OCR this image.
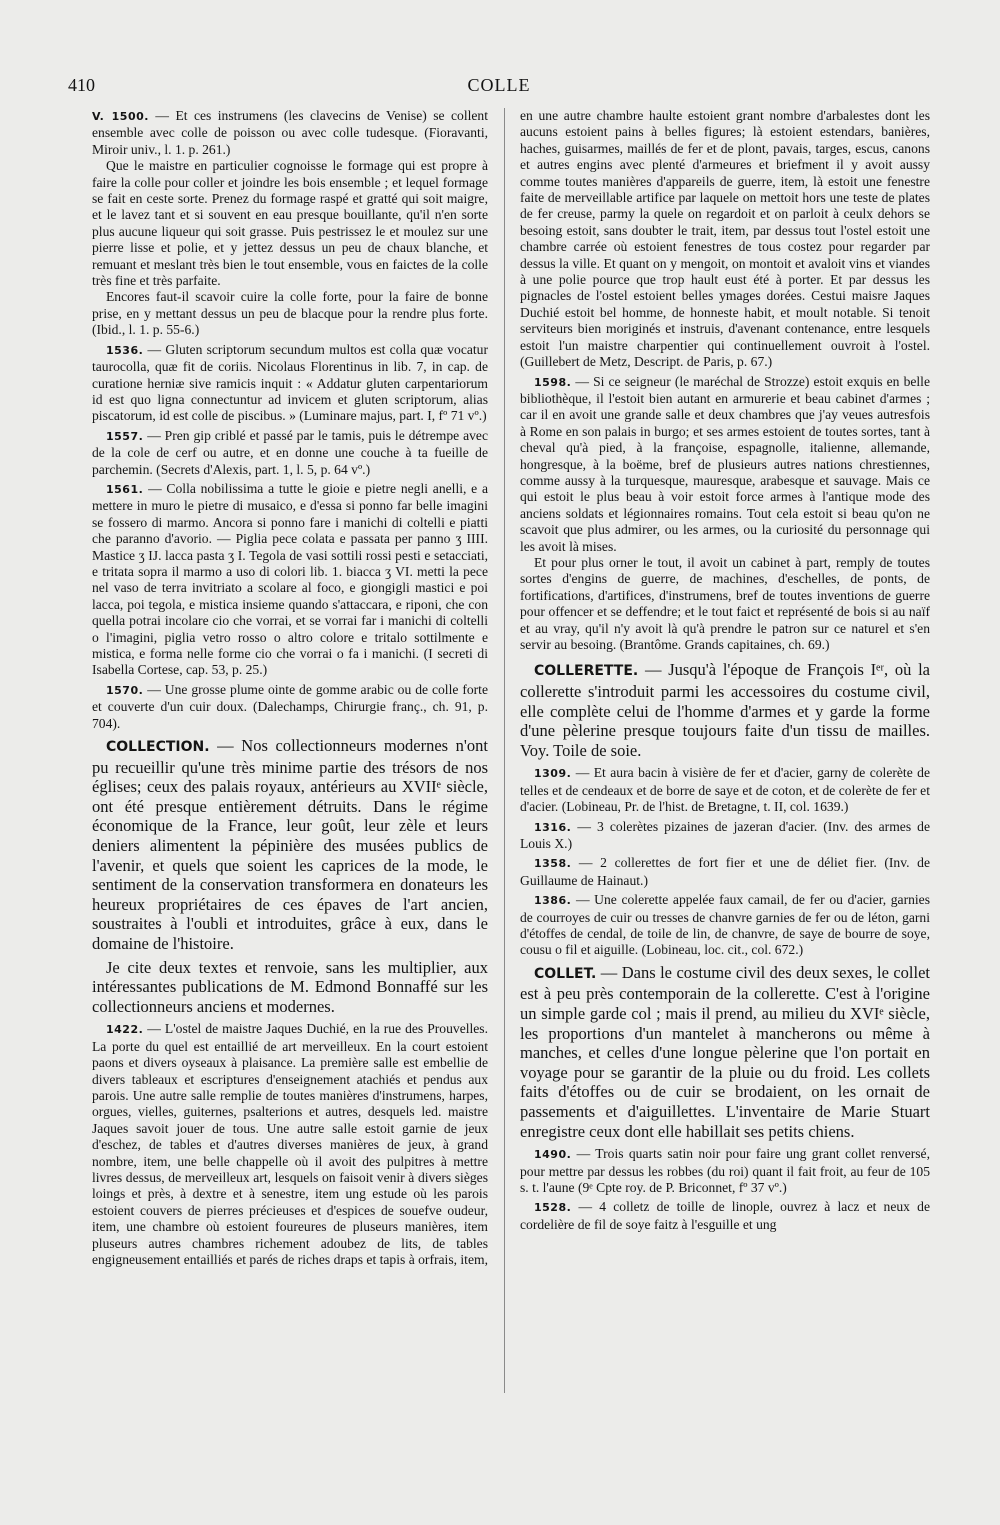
410	COLLE

V. 1500. — Et ces instrumens (les clavecins de Venise) se collent ensemble avec colle de poisson ou avec colle tudesque. (Fioravanti, Miroir univ., l. 1. p. 261.)

Que le maistre en particulier cognoisse le formage qui est propre à faire la colle pour coller et joindre les bois ensemble ; et lequel formage se fait en ceste sorte. Prenez du formage raspé et gratté qui soit maigre, et le lavez tant et si souvent en eau presque bouillante, qu'il n'en sorte plus aucune liqueur qui soit grasse. Puis pestrissez le et moulez sur une pierre lisse et polie, et y jettez dessus un peu de chaux blanche, et remuant et meslant très bien le tout ensemble, vous en faictes de la colle très fine et très parfaite.

Encores faut-il scavoir cuire la colle forte, pour la faire de bonne prise, en y mettant dessus un peu de blacque pour la rendre plus forte. (Ibid., l. 1. p. 55-6.)

1536. — Gluten scriptorum secundum multos est colla quæ vocatur taurocolla, quæ fit de coriis. Nicolaus Florentinus in lib. 7, in cap. de curatione herniæ sive ramicis inquit : « Addatur gluten carpentariorum id est quo ligna connectuntur ad invicem et gluten scriptorum, alias piscatorum, id est colle de piscibus. » (Luminare majus, part. I, fº 71 vº.)

1557. — Pren gip criblé et passé par le tamis, puis le détrempe avec de la cole de cerf ou autre, et en donne une couche à ta fueille de parchemin. (Secrets d'Alexis, part. 1, l. 5, p. 64 vº.)

1561. — Colla nobilissima a tutte le gioie e pietre negli anelli, e a mettere in muro le pietre di musaico, e d'essa si ponno far belle imagini se fossero di marmo. Ancora si ponno fare i manichi di coltelli e piatti che paranno d'avorio. — Piglia pece colata e passata per panno ʒ IIII. Mastice ʒ IJ. lacca pasta ʒ I. Tegola de vasi sottili rossi pesti e setacciati, e tritata sopra il marmo a uso di colori lib. 1. biacca ʒ VI. metti la pece nel vaso de terra invitriato a scolare al foco, e giongigli mastici e poi lacca, poi tegola, e mistica insieme quando s'attaccara, e riponi, che con quella potrai incolare cio che vorrai, et se vorrai far i manichi di coltelli o l'imagini, piglia vetro rosso o altro colore e tritalo sottilmente e mistica, e forma nelle forme cio che vorrai o fa i manichi. (I secreti di Isabella Cortese, cap. 53, p. 25.)

1570. — Une grosse plume ointe de gomme arabic ou de colle forte et couverte d'un cuir doux. (Dalechamps, Chirurgie franç., ch. 91, p. 704).

COLLECTION. — Nos collectionneurs modernes n'ont pu recueillir qu'une très minime partie des trésors de nos églises; ceux des palais royaux, antérieurs au XVIIᵉ siècle, ont été presque entièrement détruits. Dans le régime économique de la France, leur goût, leur zèle et leurs deniers alimentent la pépinière des musées publics de l'avenir, et quels que soient les caprices de la mode, le sentiment de la conservation transformera en donateurs les heureux propriétaires de ces épaves de l'art ancien, soustraites à l'oubli et introduites, grâce à eux, dans le domaine de l'histoire.

Je cite deux textes et renvoie, sans les multiplier, aux intéressantes publications de M. Edmond Bonnaffé sur les collectionneurs anciens et modernes.

1422. — L'ostel de maistre Jaques Duchié, en la rue des Prouvelles. La porte du quel est entaillié de art merveilleux. En la court estoient paons et divers oyseaux à plaisance. La première salle est embellie de divers tableaux et escriptures d'enseignement atachiés et pendus aux parois. Une autre salle remplie de toutes manières d'instrumens, harpes, orgues, vielles, guiternes, psalterions et autres, desquels led. maistre Jaques savoit jouer de tous. Une autre salle estoit garnie de jeux d'eschez, de tables et d'autres diverses manières de jeux, à grand nombre, item, une belle chappelle où il avoit des pulpitres à mettre livres dessus, de merveilleux art, lesquels on faisoit venir à divers sièges loings et près, à dextre et à senestre, item ung estude où les parois estoient couvers de pierres précieuses et d'espices de souefve oudeur, item, une chambre où estoient foureures de pluseurs manières, item pluseurs autres chambres richement adoubez de lits, de tables engigneusement entailliés et parés de riches draps et tapis à orfrais, item,

en une autre chambre haulte estoient grant nombre d'arbalestes dont les aucuns estoient pains à belles figures; là estoient estendars, banières, haches, guisarmes, maillés de fer et de plont, pavais, targes, escus, canons et autres engins avec plenté d'armeures et briefment il y avoit aussy comme toutes manières d'appareils de guerre, item, là estoit une fenestre faite de merveillable artifice par laquele on mettoit hors une teste de plates de fer creuse, parmy la quele on regardoit et on parloit à ceulx dehors se besoing estoit, sans doubter le trait, item, par dessus tout l'ostel estoit une chambre carrée où estoient fenestres de tous costez pour regarder par dessus la ville. Et quant on y mengoit, on montoit et avaloit vins et viandes à une polie pource que trop hault eust été à porter. Et par dessus les pignacles de l'ostel estoient belles ymages dorées. Cestui maisre Jaques Duchié estoit bel homme, de honneste habit, et moult notable. Si tenoit serviteurs bien moriginés et instruis, d'avenant contenance, entre lesquels estoit l'un maistre charpentier qui continuellement ouvroit à l'ostel. (Guillebert de Metz, Descript. de Paris, p. 67.)

1598. — Si ce seigneur (le maréchal de Strozze) estoit exquis en belle bibliothèque, il l'estoit bien autant en armurerie et beau cabinet d'armes ; car il en avoit une grande salle et deux chambres que j'ay veues autresfois à Rome en son palais in burgo; et ses armes estoient de toutes sortes, tant à cheval qu'à pied, à la françoise, espagnolle, italienne, allemande, hongresque, à la boëme, bref de plusieurs autres nations chrestiennes, comme aussy à la turquesque, mauresque, arabesque et sauvage. Mais ce qui estoit le plus beau à voir estoit force armes à l'antique mode des anciens soldats et légionnaires romains. Tout cela estoit si beau qu'on ne scavoit que plus admirer, ou les armes, ou la curiosité du personnage qui les avoit là mises.

Et pour plus orner le tout, il avoit un cabinet à part, remply de toutes sortes d'engins de guerre, de machines, d'eschelles, de ponts, de fortifications, d'artifices, d'instrumens, bref de toutes inventions de guerre pour offencer et se deffendre; et le tout faict et représenté de bois si au naïf et au vray, qu'il n'y avoit là qu'à prendre le patron sur ce naturel et s'en servir au besoing. (Brantôme. Grands capitaines, ch. 69.)

COLLERETTE. — Jusqu'à l'époque de François Iᵉʳ, où la collerette s'introduit parmi les accessoires du costume civil, elle complète celui de l'homme d'armes et y garde la forme d'une pèlerine presque toujours faite d'un tissu de mailles. Voy. Toile de soie.

1309. — Et aura bacin à visière de fer et d'acier, garny de colerète de telles et de cendeaux et de borre de saye et de coton, et de colerète de fer et d'acier. (Lobineau, Pr. de l'hist. de Bretagne, t. II, col. 1639.)

1316. — 3 colerètes pizaines de jazeran d'acier. (Inv. des armes de Louis X.)

1358. — 2 collerettes de fort fier et une de déliet fier. (Inv. de Guillaume de Hainaut.)

1386. — Une colerette appelée faux camail, de fer ou d'acier, garnies de courroyes de cuir ou tresses de chanvre garnies de fer ou de léton, garni d'étoffes de cendal, de toile de lin, de chanvre, de saye de bourre de soye, cousu o fil et aiguille. (Lobineau, loc. cit., col. 672.)

COLLET. — Dans le costume civil des deux sexes, le collet est à peu près contemporain de la collerette. C'est à l'origine un simple garde col ; mais il prend, au milieu du XVIᵉ siècle, les proportions d'un mantelet à mancherons ou même à manches, et celles d'une longue pèlerine que l'on portait en voyage pour se garantir de la pluie ou du froid. Les collets faits d'étoffes ou de cuir se brodaient, on les ornait de passements et d'aiguillettes. L'inventaire de Marie Stuart enregistre ceux dont elle habillait ses petits chiens.

1490. — Trois quarts satin noir pour faire ung grant collet renversé, pour mettre par dessus les robbes (du roi) quant il fait froit, au feur de 105 s. t. l'aune (9ᵉ Cpte roy. de P. Briconnet, fº 37 vº.)

1528. — 4 colletz de toille de linople, ouvrez à lacz et neux de cordelière de fil de soye faitz à l'esguille et ung
